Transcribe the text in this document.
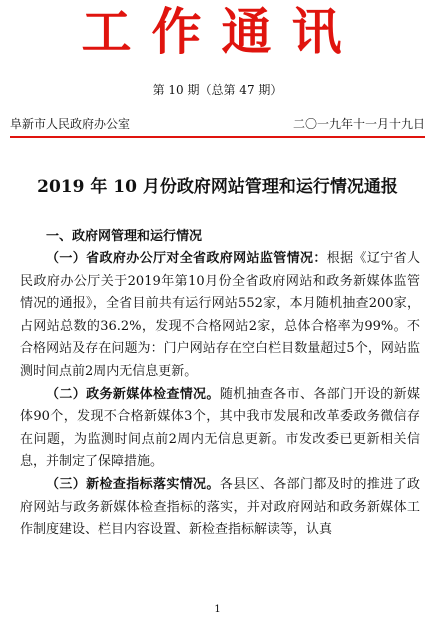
工作通讯
第 10 期（总第 47 期）
阜新市人民政府办公室	二〇一九年十一月十九日
2019 年 10 月份政府网站管理和运行情况通报
一、政府网管理和运行情况

（一）省政府办公厅对全省政府网站监管情况：根据《辽宁省人民政府办公厅关于2019年第10月份全省政府网站和政务新媒体监管情况的通报》，全省目前共有运行网站552家，本月随机抽查200家，占网站总数的36.2%，发现不合格网站2家，总体合格率为99%。不合格网站及存在问题为：门户网站存在空白栏目数量超过5个，网站监测时间点前2周内无信息更新。

（二）政务新媒体检查情况。随机抽查各市、各部门开设的新媒体90个，发现不合格新媒体3个，其中我市发展和改革委政务微信存在问题，为监测时间点前2周内无信息更新。市发改委已更新相关信息，并制定了保障措施。

（三）新检查指标落实情况。各县区、各部门都及时的推进了政府网站与政务新媒体检查指标的落实，并对政府网站和政务新媒体工作制度建设、栏目内容设置、新检查指标解读等，认真

1
